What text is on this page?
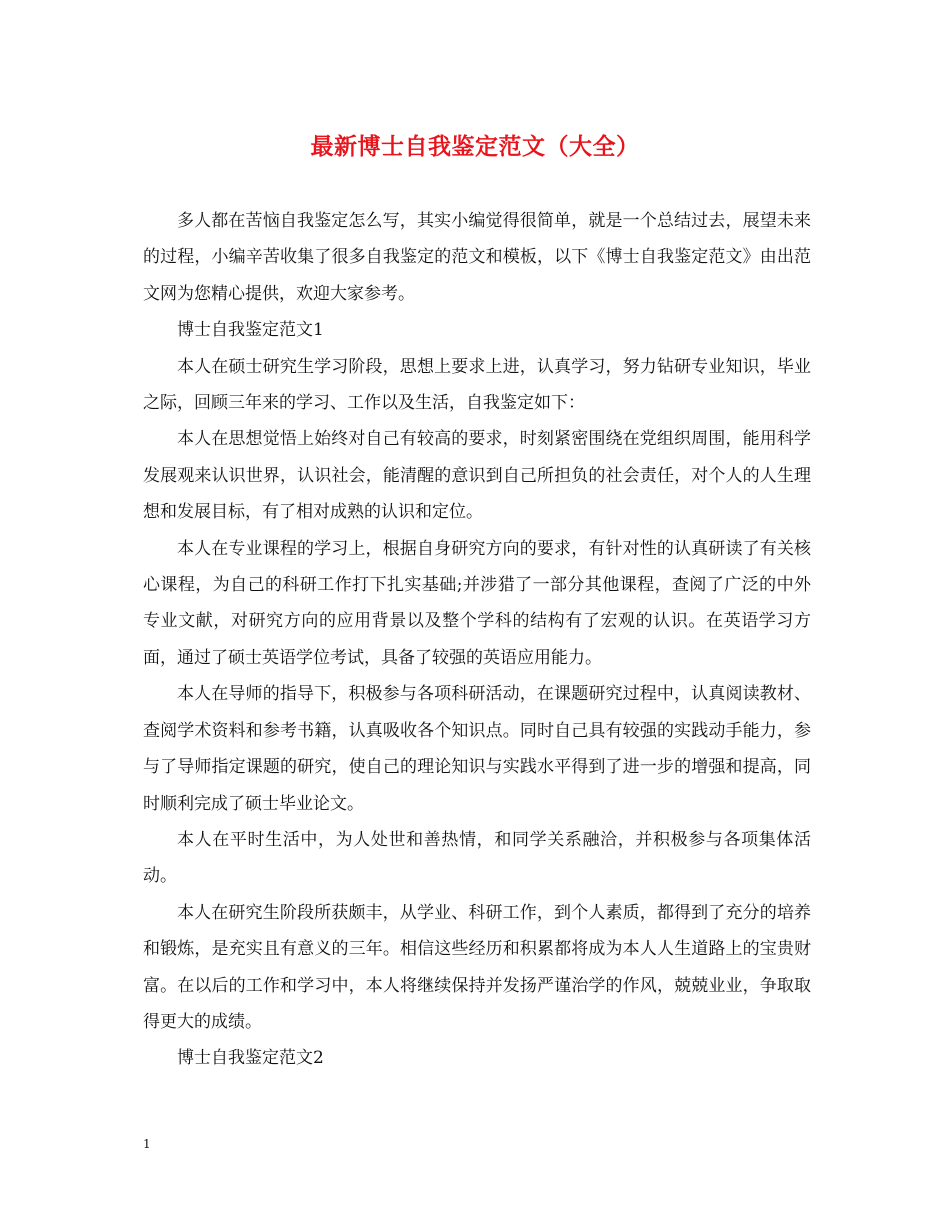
最新博士自我鉴定范文（大全）

多人都在苦恼自我鉴定怎么写，其实小编觉得很简单，就是一个总结过去，展望未来的过程，小编辛苦收集了很多自我鉴定的范文和模板，以下《博士自我鉴定范文》由出范文网为您精心提供，欢迎大家参考。

博士自我鉴定范文1

本人在硕士研究生学习阶段，思想上要求上进，认真学习，努力钻研专业知识，毕业之际，回顾三年来的学习、工作以及生活，自我鉴定如下：

本人在思想觉悟上始终对自己有较高的要求，时刻紧密围绕在党组织周围，能用科学发展观来认识世界，认识社会，能清醒的意识到自己所担负的社会责任，对个人的人生理想和发展目标，有了相对成熟的认识和定位。

本人在专业课程的学习上，根据自身研究方向的要求，有针对性的认真研读了有关核心课程，为自己的科研工作打下扎实基础;并涉猎了一部分其他课程，查阅了广泛的中外专业文献，对研究方向的应用背景以及整个学科的结构有了宏观的认识。在英语学习方面，通过了硕士英语学位考试，具备了较强的英语应用能力。

本人在导师的指导下，积极参与各项科研活动，在课题研究过程中，认真阅读教材、查阅学术资料和参考书籍，认真吸收各个知识点。同时自己具有较强的实践动手能力，参与了导师指定课题的研究，使自己的理论知识与实践水平得到了进一步的增强和提高，同时顺利完成了硕士毕业论文。

本人在平时生活中，为人处世和善热情，和同学关系融洽，并积极参与各项集体活动。

本人在研究生阶段所获颇丰，从学业、科研工作，到个人素质，都得到了充分的培养和锻炼，是充实且有意义的三年。相信这些经历和积累都将成为本人人生道路上的宝贵财富。在以后的工作和学习中，本人将继续保持并发扬严谨治学的作风，兢兢业业，争取取得更大的成绩。

博士自我鉴定范文2

1
